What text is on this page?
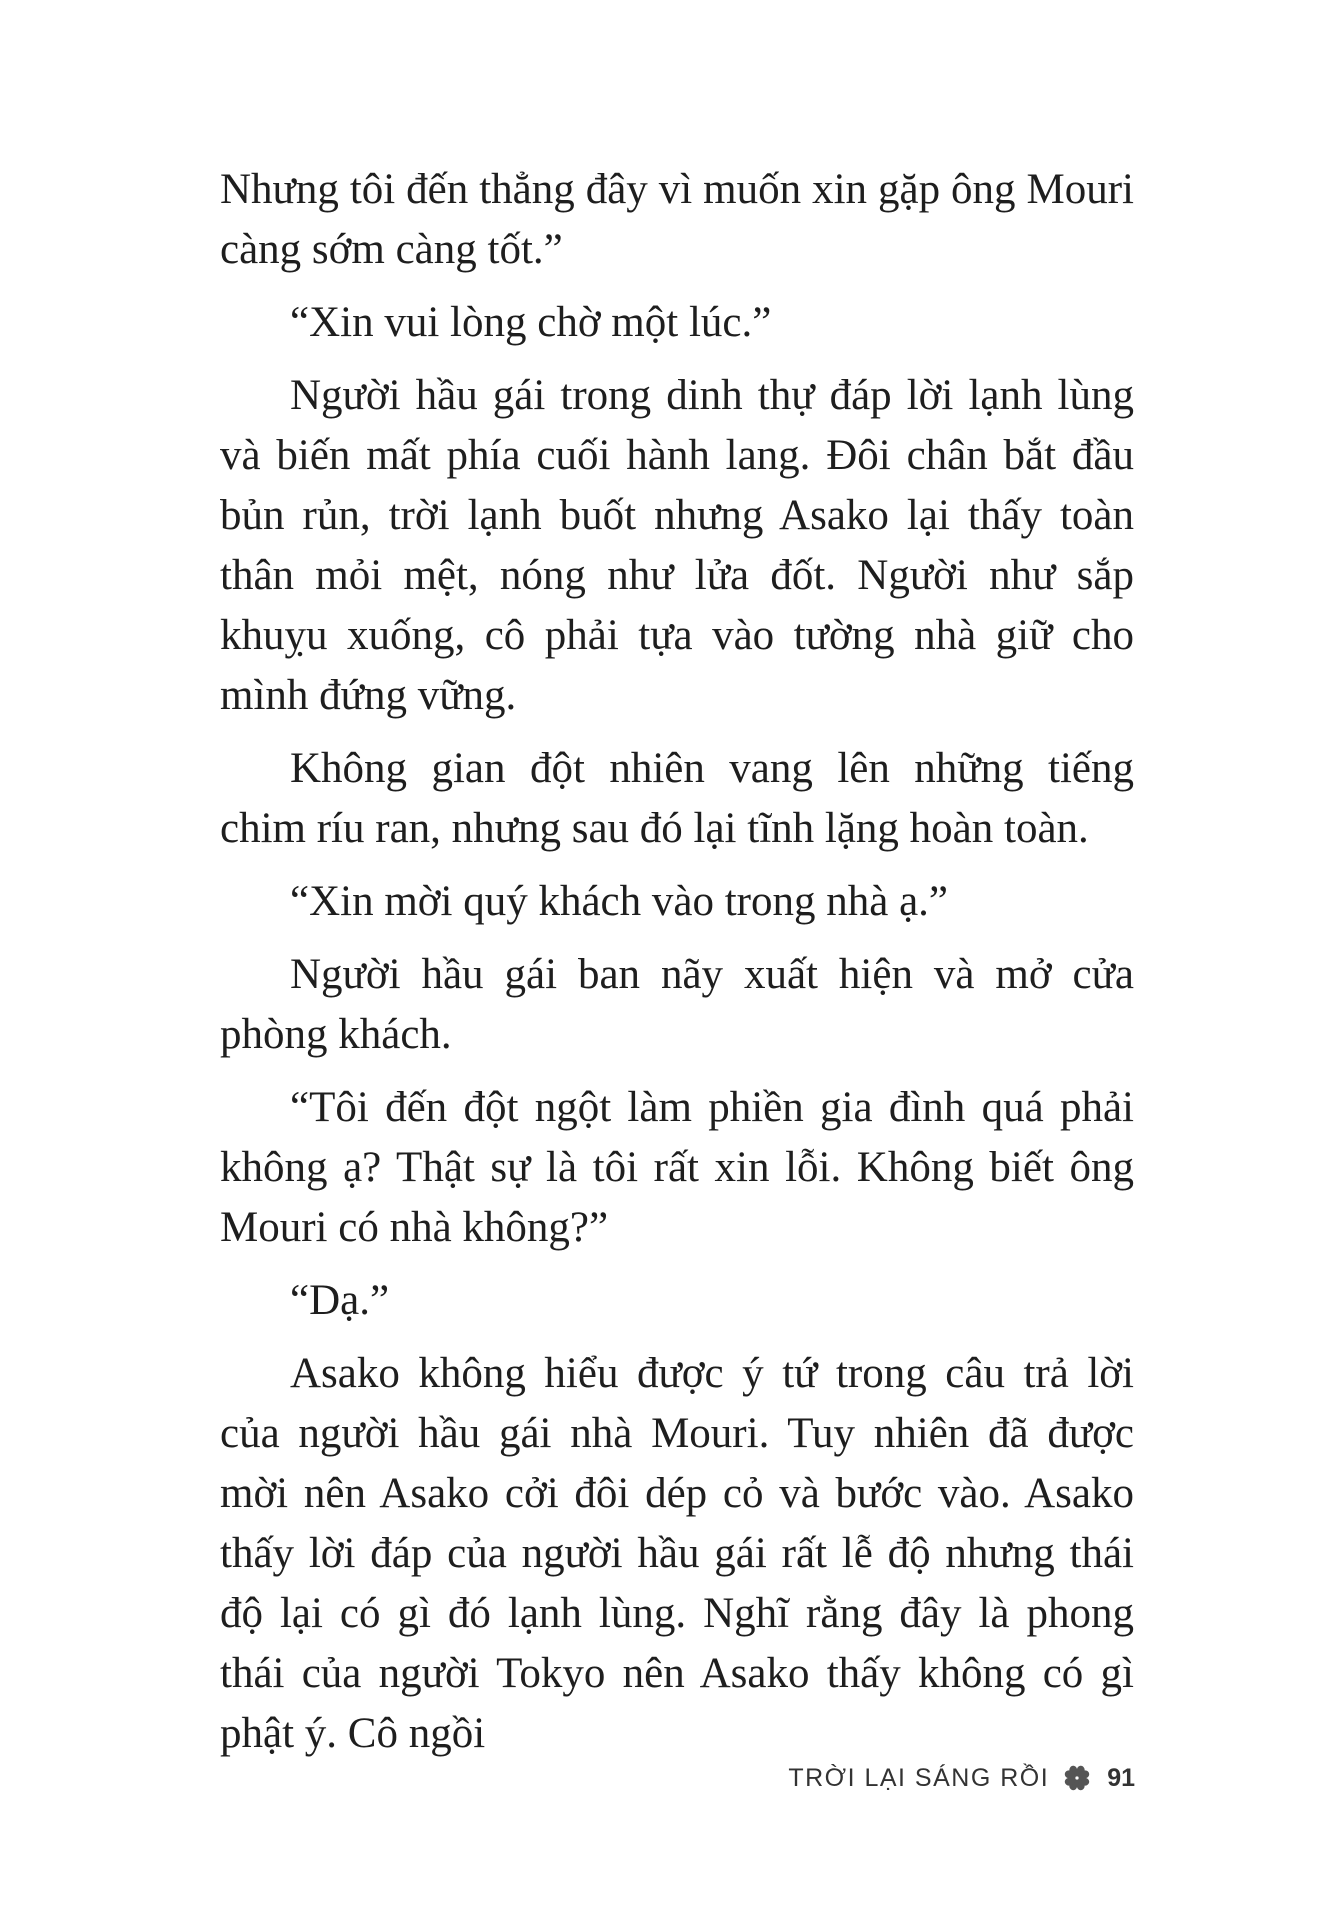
Nhưng tôi đến thẳng đây vì muốn xin gặp ông Mouri càng sớm càng tốt.”

“Xin vui lòng chờ một lúc.”

Người hầu gái trong dinh thự đáp lời lạnh lùng và biến mất phía cuối hành lang. Đôi chân bắt đầu bủn rủn, trời lạnh buốt nhưng Asako lại thấy toàn thân mỏi mệt, nóng như lửa đốt. Người như sắp khuỵu xuống, cô phải tựa vào tường nhà giữ cho mình đứng vững.

Không gian đột nhiên vang lên những tiếng chim ríu ran, nhưng sau đó lại tĩnh lặng hoàn toàn.

“Xin mời quý khách vào trong nhà ạ.”

Người hầu gái ban nãy xuất hiện và mở cửa phòng khách.

“Tôi đến đột ngột làm phiền gia đình quá phải không ạ? Thật sự là tôi rất xin lỗi. Không biết ông Mouri có nhà không?”

“Dạ.”

Asako không hiểu được ý tứ trong câu trả lời của người hầu gái nhà Mouri. Tuy nhiên đã được mời nên Asako cởi đôi dép cỏ và bước vào. Asako thấy lời đáp của người hầu gái rất lễ độ nhưng thái độ lại có gì đó lạnh lùng. Nghĩ rằng đây là phong thái của người Tokyo nên Asako thấy không có gì phật ý. Cô ngồi

TRỜI LẠI SÁNG RỒI 91
